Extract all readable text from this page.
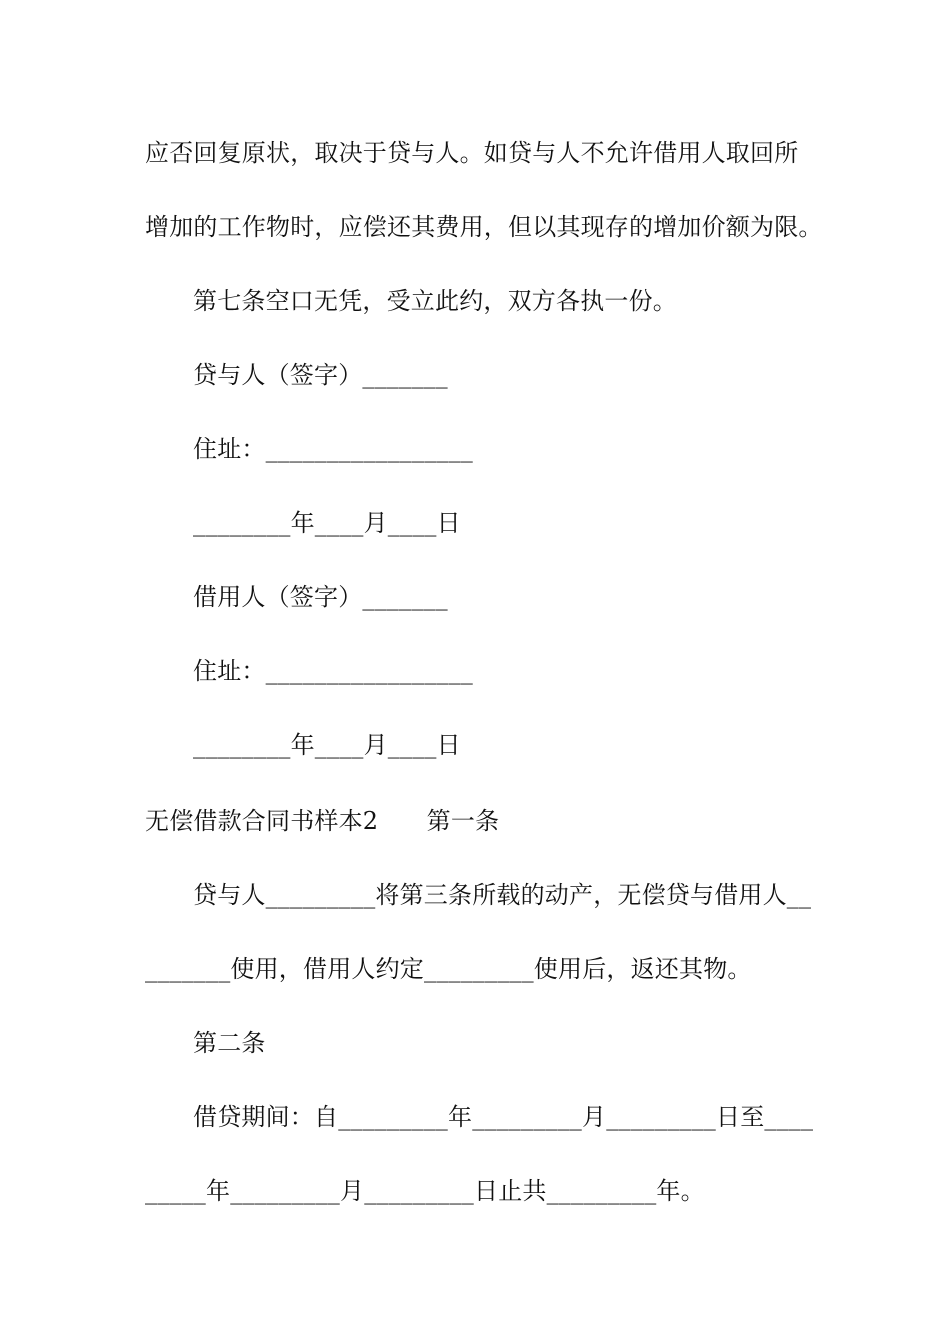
应否回复原状，取决于贷与人。如贷与人不允许借用人取回所
增加的工作物时，应偿还其费用，但以其现存的增加价额为限。
第七条空口无凭，受立此约，双方各执一份。
贷与人（签字）_______
住址：_________________
________年____月____日
借用人（签字）_______
住址：_________________
________年____月____日
无偿借款合同书样本2　　第一条
贷与人_________将第三条所载的动产，无偿贷与借用人__
_______使用，借用人约定_________使用后，返还其物。
第二条
借贷期间：自_________年_________月_________日至____
_____年_________月_________日止共_________年。
